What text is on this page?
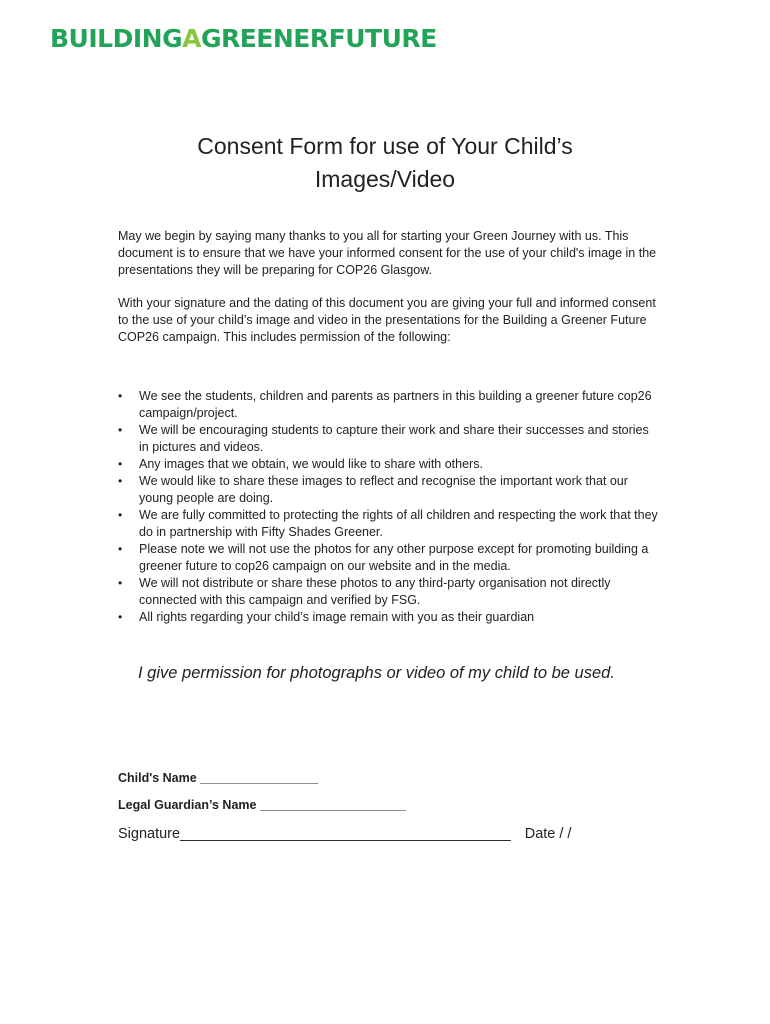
BUILDINGAGREENERFUTURE
Consent Form for use of Your Child’s
Images/Video
May we begin by saying many thanks to you all for starting your Green Journey with us. This document is to ensure that we have your informed consent for the use of your child's image in the presentations they will be preparing for COP26 Glasgow.
With your signature and the dating of this document you are giving your full and informed consent to the use of your child’s image and video in the presentations for the Building a Greener Future COP26 campaign. This includes permission of the following:
• We see the students, children and parents as partners in this building a greener future cop26 campaign/project.
• We will be encouraging students to capture their work and share their successes and stories in pictures and videos.
• Any images that we obtain, we would like to share with others.
• We would like to share these images to reflect and recognise the important work that our young people are doing.
• We are fully committed to protecting the rights of all children and respecting the work that they do in partnership with Fifty Shades Greener.
• Please note we will not use the photos for any other purpose except for promoting building a greener future to cop26 campaign on our website and in the media.
• We will not distribute or share these photos to any third-party organisation not directly connected with this campaign and verified by FSG.
• All rights regarding your child’s image remain with you as their guardian
I give permission for photographs or video of my child to be used.
Child's Name _________________
Legal Guardian’s Name _____________________
Signature_________________________________________ Date / /
